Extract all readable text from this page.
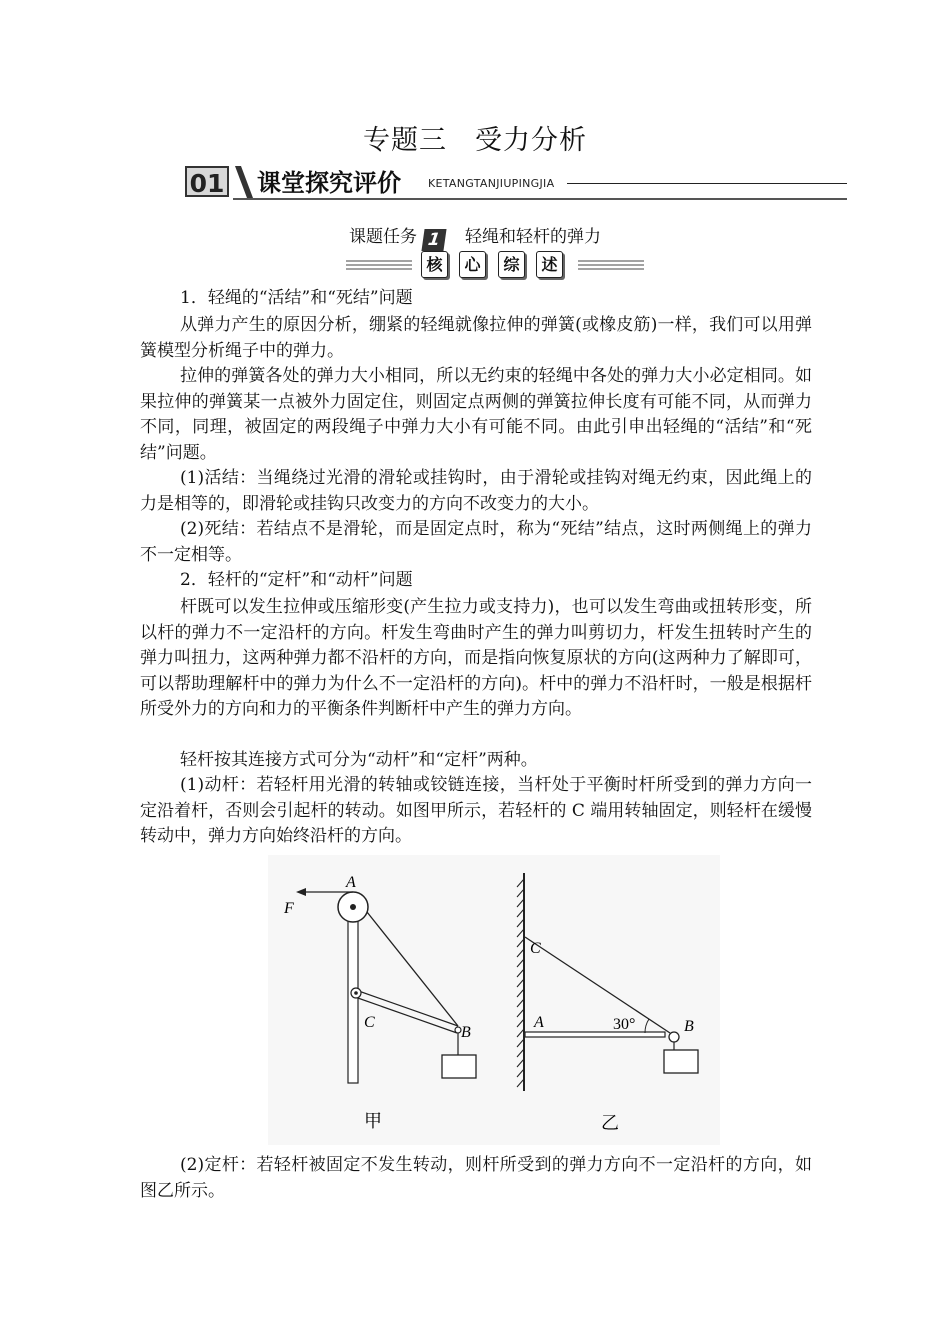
专题三　受力分析
01 课堂探究评价 KETANGTANJIUPINGJIA
课题任务 1 轻绳和轻杆的弹力
核	心	综	述

1．轻绳的“活结”和“死结”问题

从弹力产生的原因分析，绷紧的轻绳就像拉伸的弹簧(或橡皮筋)一样，我们可以用弹簧模型分析绳子中的弹力。

拉伸的弹簧各处的弹力大小相同，所以无约束的轻绳中各处的弹力大小必定相同。如果拉伸的弹簧某一点被外力固定住，则固定点两侧的弹簧拉伸长度有可能不同，从而弹力不同，同理，被固定的两段绳子中弹力大小有可能不同。由此引申出轻绳的“活结”和“死结”问题。

(1)活结：当绳绕过光滑的滑轮或挂钩时，由于滑轮或挂钩对绳无约束，因此绳上的力是相等的，即滑轮或挂钩只改变力的方向不改变力的大小。

(2)死结：若结点不是滑轮，而是固定点时，称为“死结”结点，这时两侧绳上的弹力不一定相等。

2．轻杆的“定杆”和“动杆”问题

杆既可以发生拉伸或压缩形变(产生拉力或支持力)，也可以发生弯曲或扭转形变，所以杆的弹力不一定沿杆的方向。杆发生弯曲时产生的弹力叫剪切力，杆发生扭转时产生的弹力叫扭力，这两种弹力都不沿杆的方向，而是指向恢复原状的方向(这两种力了解即可，可以帮助理解杆中的弹力为什么不一定沿杆的方向)。杆中的弹力不沿杆时，一般是根据杆所受外力的方向和力的平衡条件判断杆中产生的弹力方向。

轻杆按其连接方式可分为“动杆”和“定杆”两种。

(1)动杆：若轻杆用光滑的转轴或铰链连接，当杆处于平衡时杆所受到的弹力方向一定沿着杆，否则会引起杆的转动。如图甲所示，若轻杆的 C 端用转轴固定，则轻杆在缓慢转动中，弹力方向始终沿杆的方向。

(2)定杆：若轻杆被固定不发生转动，则杆所受到的弹力方向不一定沿杆的方向，如图乙所示。

A
F
C
B
甲
C
A	30°	B
乙
